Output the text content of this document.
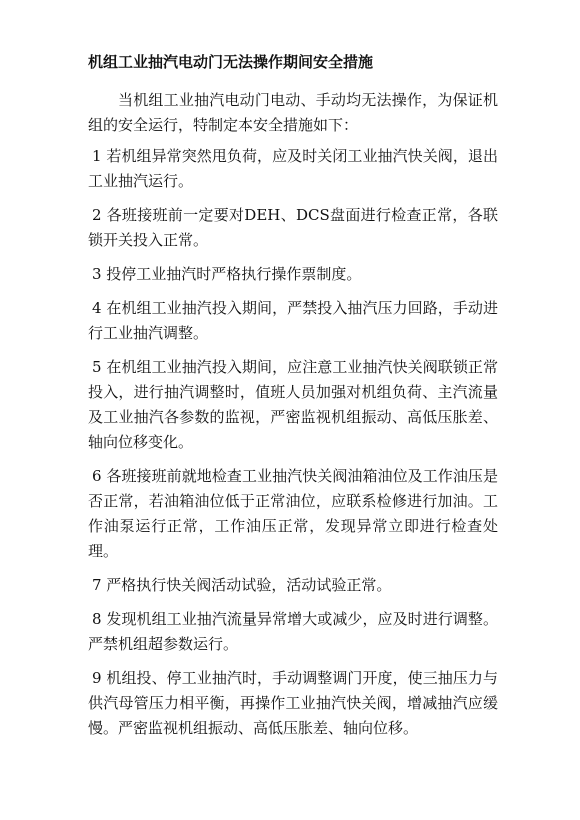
机组工业抽汽电动门无法操作期间安全措施

当机组工业抽汽电动门电动、手动均无法操作，为保证机组的安全运行，特制定本安全措施如下：

1 若机组异常突然甩负荷，应及时关闭工业抽汽快关阀，退出工业抽汽运行。

2 各班接班前一定要对DEH、DCS盘面进行检查正常，各联锁开关投入正常。

3 投停工业抽汽时严格执行操作票制度。

4 在机组工业抽汽投入期间，严禁投入抽汽压力回路，手动进行工业抽汽调整。

5 在机组工业抽汽投入期间，应注意工业抽汽快关阀联锁正常投入，进行抽汽调整时，值班人员加强对机组负荷、主汽流量及工业抽汽各参数的监视，严密监视机组振动、高低压胀差、轴向位移变化。

6 各班接班前就地检查工业抽汽快关阀油箱油位及工作油压是否正常，若油箱油位低于正常油位，应联系检修进行加油。工作油泵运行正常，工作油压正常，发现异常立即进行检查处理。

7 严格执行快关阀活动试验，活动试验正常。

8 发现机组工业抽汽流量异常增大或减少，应及时进行调整。严禁机组超参数运行。

9 机组投、停工业抽汽时，手动调整调门开度，使三抽压力与供汽母管压力相平衡，再操作工业抽汽快关阀，增减抽汽应缓慢。严密监视机组振动、高低压胀差、轴向位移。
